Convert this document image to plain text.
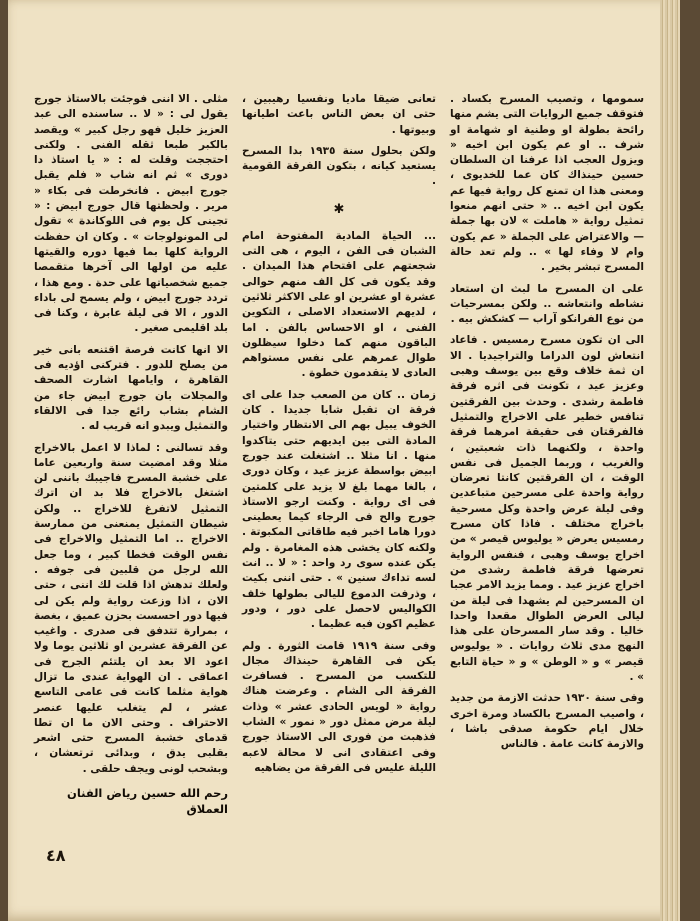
سمومها ، وتصيب المسرح بكساد . فتوقف جميع الروايات التى يشم منها رائحة بطولة او وطنية او شهامة او شرف .. او عم يكون ابن اخيه « ويزول العجب اذا عرفنا ان السلطان حسين حينذاك كان عما للخديوى ، ومعنى هذا ان تمنع كل رواية فيها عم يكون ابن اخيه .. « حتى انهم منعوا تمثيل رواية « هاملت » لان بها جملة — والاعتراض على الجملة « عم يكون وام لا وفاء لها » .. ولم تعد حالة المسرح تبشر بخير .

على ان المسرح ما لبث ان استعاد نشاطه وانتعاشه .. ولكن بمسرحيات من نوع الفرانكو آراب — كشكش بيه .

الى ان تكون مسرح رمسيس . فاعاد انتعاش لون الدراما والتراجيديا . الا ان ثمة خلاف وقع بين يوسف وهبى وعزيز عيد ، تكونت فى اثره فرقة فاطمة رشدى . وحدث بين الفرقتين تنافس خطير على الاخراج والتمثيل فالفرقتان فى حقيقة امرهما فرقة واحدة ، ولكنهما ذات شعبتين ، والغريب ، وربما الجميل فى نفس الوقت ، ان الفرقتين كانتا تعرضان رواية واحدة على مسرحين متباعدين وفى ليلة عرض واحدة وكل مسرحية باخراج مختلف . فاذا كان مسرح رمسيس يعرض « يوليوس قيصر » من اخراج يوسف وهبى ، فنفس الرواية تعرضها فرقة فاطمة رشدى من اخراج عزيز عيد . ومما يزيد الامر عجبا ان المسرحين لم يشهدا فى ليلة من ليالى العرض الطوال مقعدا واحدا خاليا . وقد سار المسرحان على هذا النهج مدى ثلاث روايات . « يوليوس قيصر » و « الوطن » و « حياة التابع » .

وفى سنة ١٩٣٠ حدثت الازمة من جديد ، واصيب المسرح بالكساد ومرة اخرى خلال ايام حكومة صدقى باشا ، والازمة كانت عامة . فالناس

تعانى ضيقا ماديا ونفسيا رهيبين ، حتى ان بعض الناس باعت اطيانها وبيوتها .

ولكن بحلول سنة ١٩٣٥ بدا المسرح يستعيد كيانه ، بتكون الفرقة القومية .

✱

... الحياة المادية المفتوحة امام الشبان فى الفن ، اليوم ، هى التى شجعتهم على اقتحام هذا الميدان . وقد يكون فى كل الف منهم حوالى عشرة او عشرين او على الاكثر ثلاثين ، لديهم الاستعداد الاصلى ، التكوين الفنى ، او الاحساس بالفن . اما الباقون منهم كما دخلوا سيظلون طوال عمرهم على نفس مستواهم العادى لا يتقدمون خطوة .

زمان .. كان من الصعب جدا على اى فرقة ان تقبل شابا جديدا . كان الخوف يبيل بهم الى الانتظار واختيار المادة التى بين ايديهم حتى يتاكدوا منها . انا مثلا .. اشتغلت عند جورج ابيض بواسطة عزيز عيد ، وكان دورى ، بالغا مهما بلغ لا يزيد على كلمتين فى اى رواية . وكنت ارجو الاستاذ جورج والح فى الرجاء كيما يعطينى دورا هاما اخبر فيه طاقاتى المكبوتة . ولكنه كان يخشى هذه المغامرة . ولم يكن عنده سوى رد واحد : « لا .. انت لسه تداءك سنين » . حتى اننى بكيت ، وذرفت الدموع لليالى بطولها خلف الكواليس لاحصل على دور ، ودور عظيم اكون فيه عظيما .

وفى سنة ١٩١٩ قامت الثورة . ولم يكن فى القاهرة حينذاك مجال للتكسب من المسرح . فسافرت الفرقة الى الشام . وعرضت هناك رواية « لويس الحادى عشر » وذات ليلة مرض ممثل دور « نمور » الشاب فذهبت من فورى الى الاستاذ جورج وفى اعتقادى انى لا محالة لاعبه الليلة عليس فى الفرقة من يضاهيه

مثلى . الا اننى فوجئت بالاستاذ جورج يقول لى : « لا .. ساسنده الى عبد العزيز خليل فهو رجل كبير » ويقصد بالكبر طبعا ثقله الفنى . ولكنى احتججت وقلت له : « يا استاذ دا دورى » ثم انه شاب « فلم يقبل جورج ابيض . فانخرطت فى بكاء « مرير . ولحظتها قال جورج ابيض : « تجينى كل يوم فى اللوكاندة » تقول لى المونولوجات » . وكان ان حفظت الرواية كلها بما فيها دوره والقيتها عليه من اولها الى آخرها متقمصا جميع شخصياتها على حدة . ومع هذا ، تردد جورج ابيض ، ولم يسمح لى باداء الدور ، الا فى ليلة عابرة ، وكنا فى بلد اقليمى صغير .

الا انها كانت فرصة اقتنعه بانى خير من يصلح للدور . فتركنى اؤديه فى القاهرة ، وايامها اشارت الصحف والمجلات بان جورج ابيض جاء من الشام بشاب رائع جدا فى الالقاء والتمثيل ويبدو انه قريب له .

وقد تسالنى : لماذا لا اعمل بالاخراج مثلا وقد امضيت سنة واربعين عاما على خشبة المسرح فاجيبك باننى لن اشتغل بالاخراج فلا بد ان اترك التمثيل لاتفرغ للاخراج .. ولكن شيطان التمثيل يمنعنى من ممارسة الاخراج .. اما التمثيل والاخراج فى نفس الوقت فخطا كبير ، وما جعل الله لرجل من قلبين فى جوفه . ولعلك تدهش اذا قلت لك اننى ، حتى الان ، اذا وزعت رواية ولم يكن لى فيها دور احسست بحزن عميق ، بغصة ، بمرارة تتدفق فى صدرى . واغيب عن الفرقة عشرين او ثلاثين يوما ولا اعود الا بعد ان يلتئم الجرح فى اعماقى . ان الهواية عندى ما تزال هواية مثلما كانت فى عامى التاسع عشر ، لم يتغلب عليها عنصر الاحتراف . وحتى الان ما ان تطا قدماى خشبة المسرح حتى اشعر بقلبى يدق ، وبدائى ترتعشان ، وبشحب لونى ويجف حلقى .

رحم الله حسين رياض الفنان العملاق

٤٨
